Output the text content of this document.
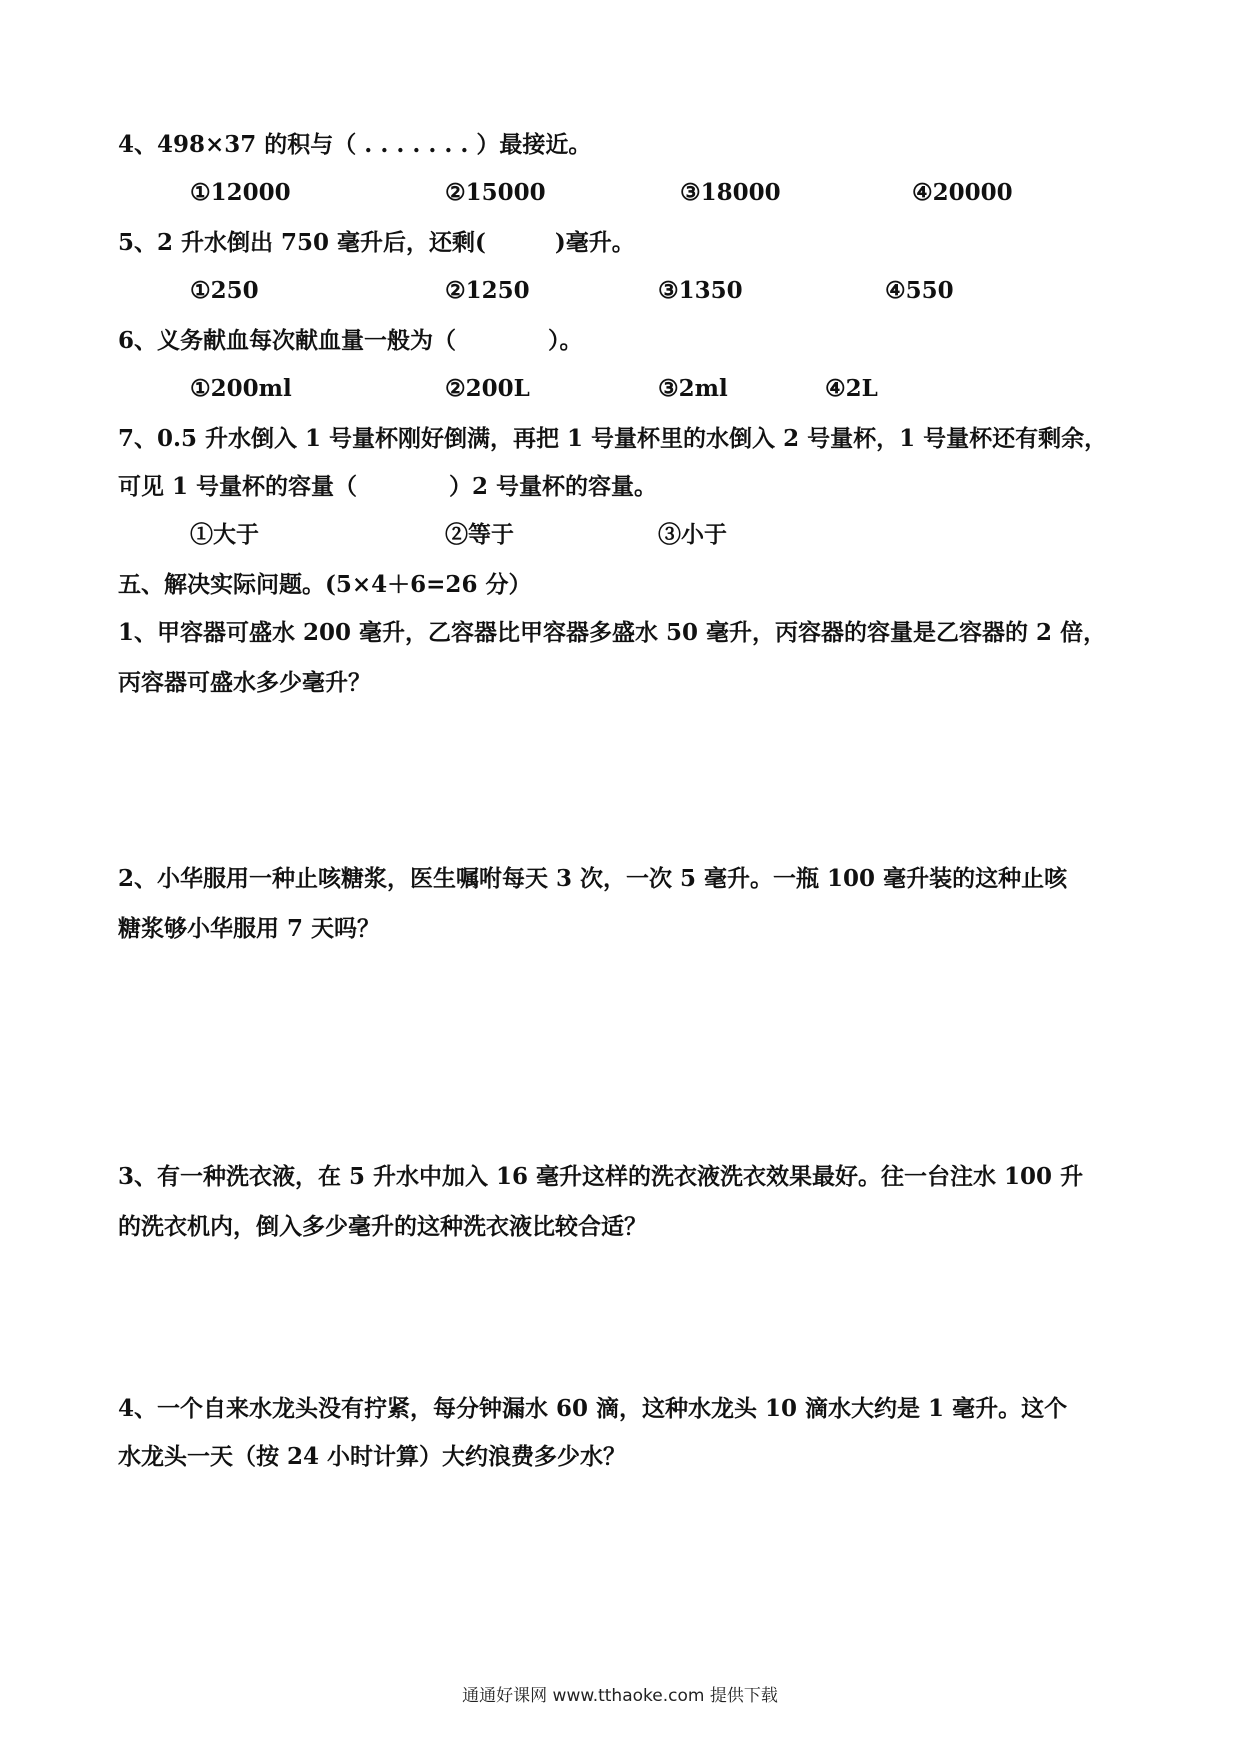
4、498×37 的积与（ . . . . . . . ）最接近。
①12000	②15000	③18000	④20000
5、2 升水倒出 750 毫升后，还剩(　　　)毫升。
①250	②1250	③1350	④550
6、义务献血每次献血量一般为（　　　　）。
①200ml	②200L	③2ml	④2L
7、0.5 升水倒入 1 号量杯刚好倒满，再把 1 号量杯里的水倒入 2 号量杯，1 号量杯还有剩余，
可见 1 号量杯的容量（　　　　）2 号量杯的容量。
①大于	②等于	③小于
五、解决实际问题。(5×4＋6=26 分）
1、甲容器可盛水 200 毫升，乙容器比甲容器多盛水 50 毫升，丙容器的容量是乙容器的 2 倍，
丙容器可盛水多少毫升？
2、小华服用一种止咳糖浆，医生嘱咐每天 3 次，一次 5 毫升。一瓶 100 毫升装的这种止咳
糖浆够小华服用 7 天吗？
3、有一种洗衣液，在 5 升水中加入 16 毫升这样的洗衣液洗衣效果最好。往一台注水 100 升
的洗衣机内，倒入多少毫升的这种洗衣液比较合适？
4、一个自来水龙头没有拧紧，每分钟漏水 60 滴，这种水龙头 10 滴水大约是 1 毫升。这个
水龙头一天（按 24 小时计算）大约浪费多少水？
通通好课网 www.tthaoke.com 提供下载
